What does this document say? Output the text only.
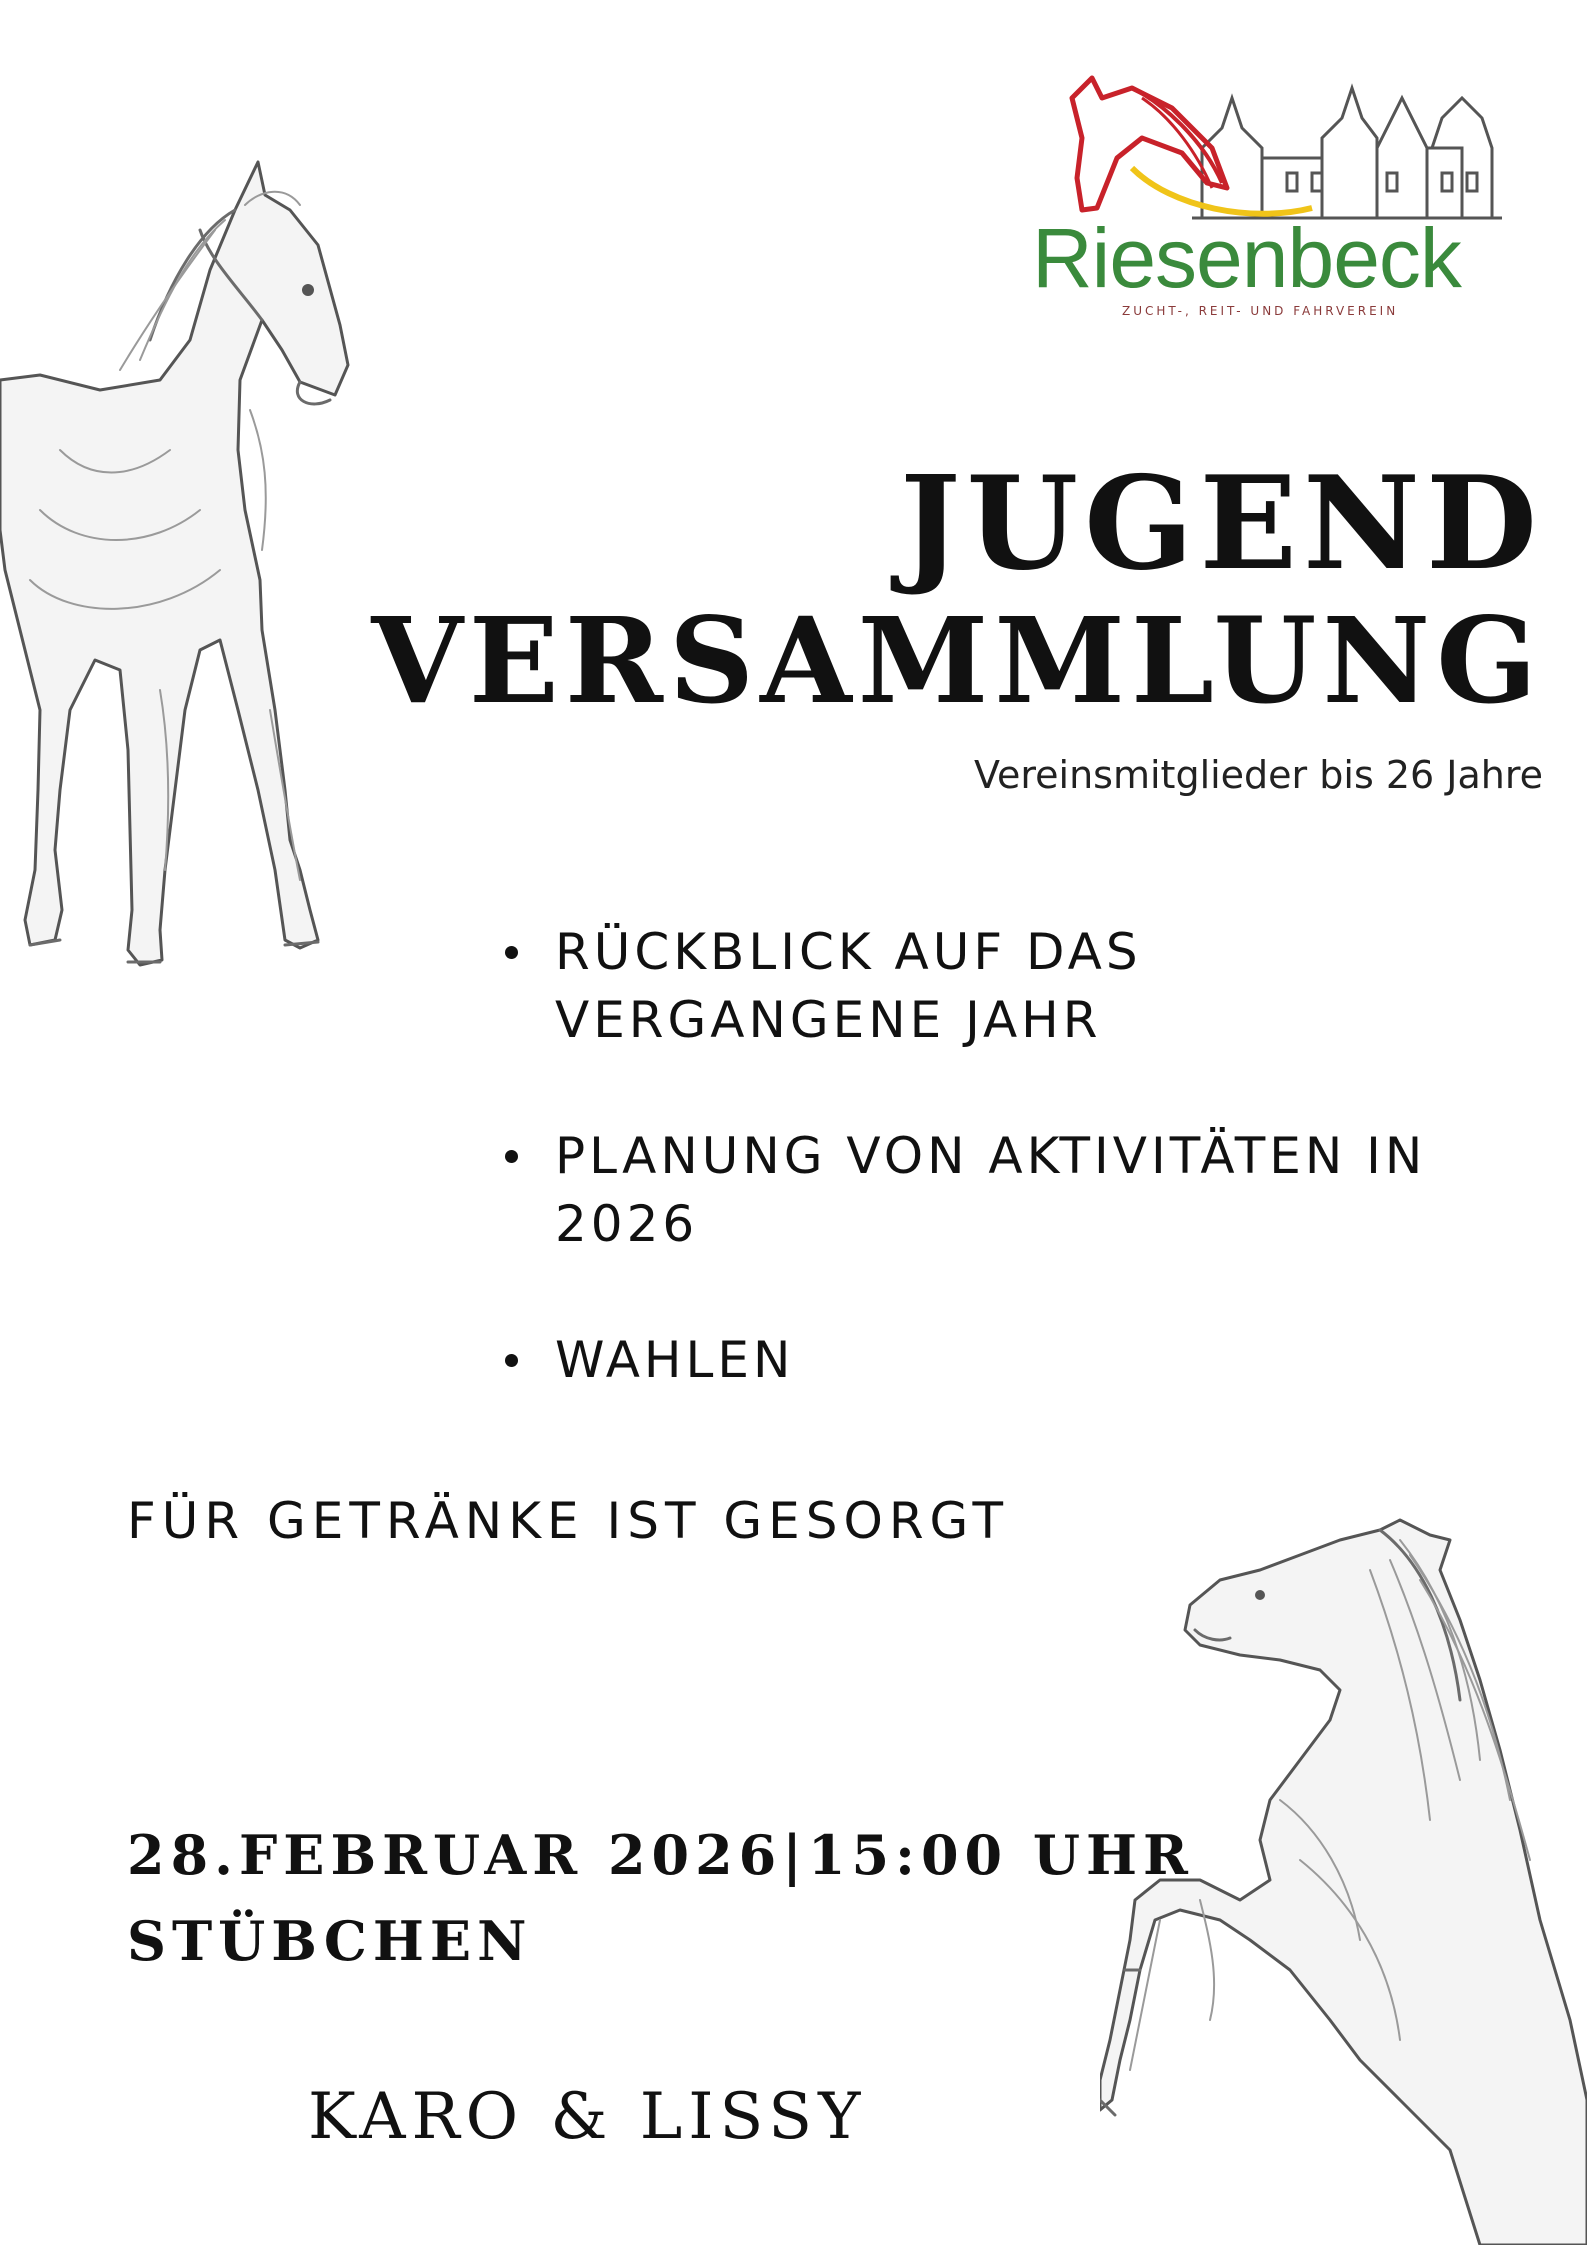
Riesenbeck
ZUCHT-, REIT- UND FAHRVEREIN
JUGEND
VERSAMMLUNG
Vereinsmitglieder bis 26 Jahre
RÜCKBLICK AUF DAS VERGANGENE JAHR
PLANUNG VON AKTIVITÄTEN IN 2026
WAHLEN
FÜR GETRÄNKE IST GESORGT
28.FEBRUAR 2026|15:00 UHR
STÜBCHEN
KARO & LISSY
